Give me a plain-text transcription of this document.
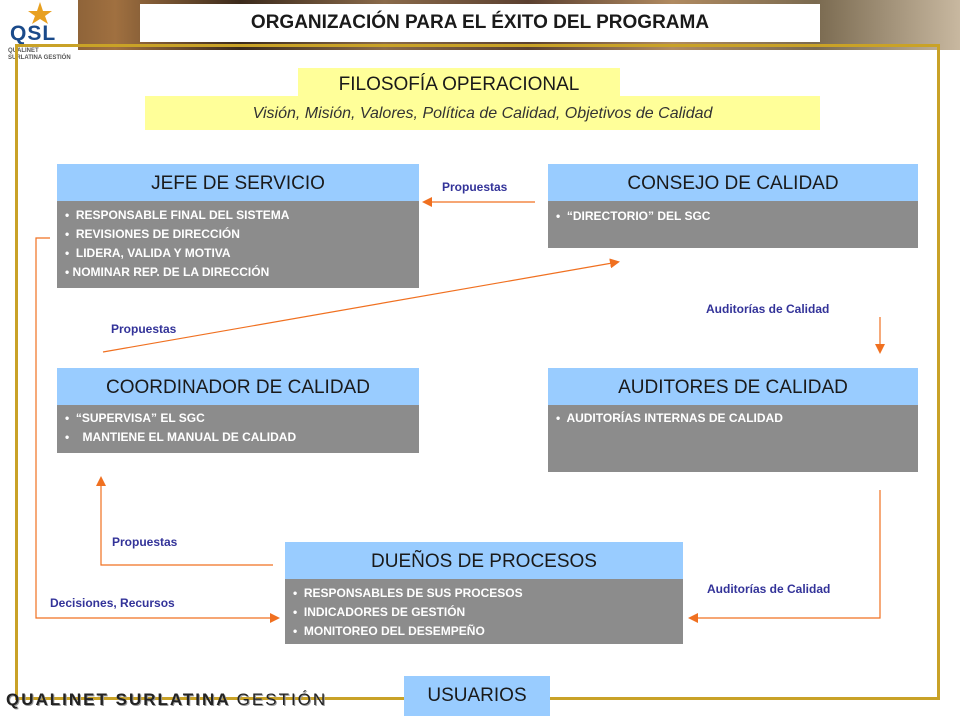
QSL
QUALINET
SURLATINA GESTIÓN
ORGANIZACIÓN PARA EL ÉXITO DEL PROGRAMA
FILOSOFÍA OPERACIONAL
Visión, Misión, Valores, Política de Calidad, Objetivos de Calidad
JEFE DE SERVICIO
• RESPONSABLE FINAL DEL SISTEMA
• REVISIONES DE DIRECCIÓN
• LIDERA, VALIDA Y MOTIVA
• NOMINAR REP. DE LA DIRECCIÓN
CONSEJO DE CALIDAD
• “DIRECTORIO” DEL SGC
COORDINADOR DE CALIDAD
• “SUPERVISA” EL SGC
• MANTIENE EL MANUAL DE CALIDAD
AUDITORES DE CALIDAD
• AUDITORÍAS INTERNAS DE CALIDAD
DUEÑOS DE PROCESOS
• RESPONSABLES DE SUS PROCESOS
• INDICADORES DE GESTIÓN
• MONITOREO DEL DESEMPEÑO
Propuestas
Propuestas
Auditorías de Calidad
Propuestas
Auditorías de Calidad
Decisiones, Recursos
USUARIOS
QUALINET SURLATINA GESTIÓN
